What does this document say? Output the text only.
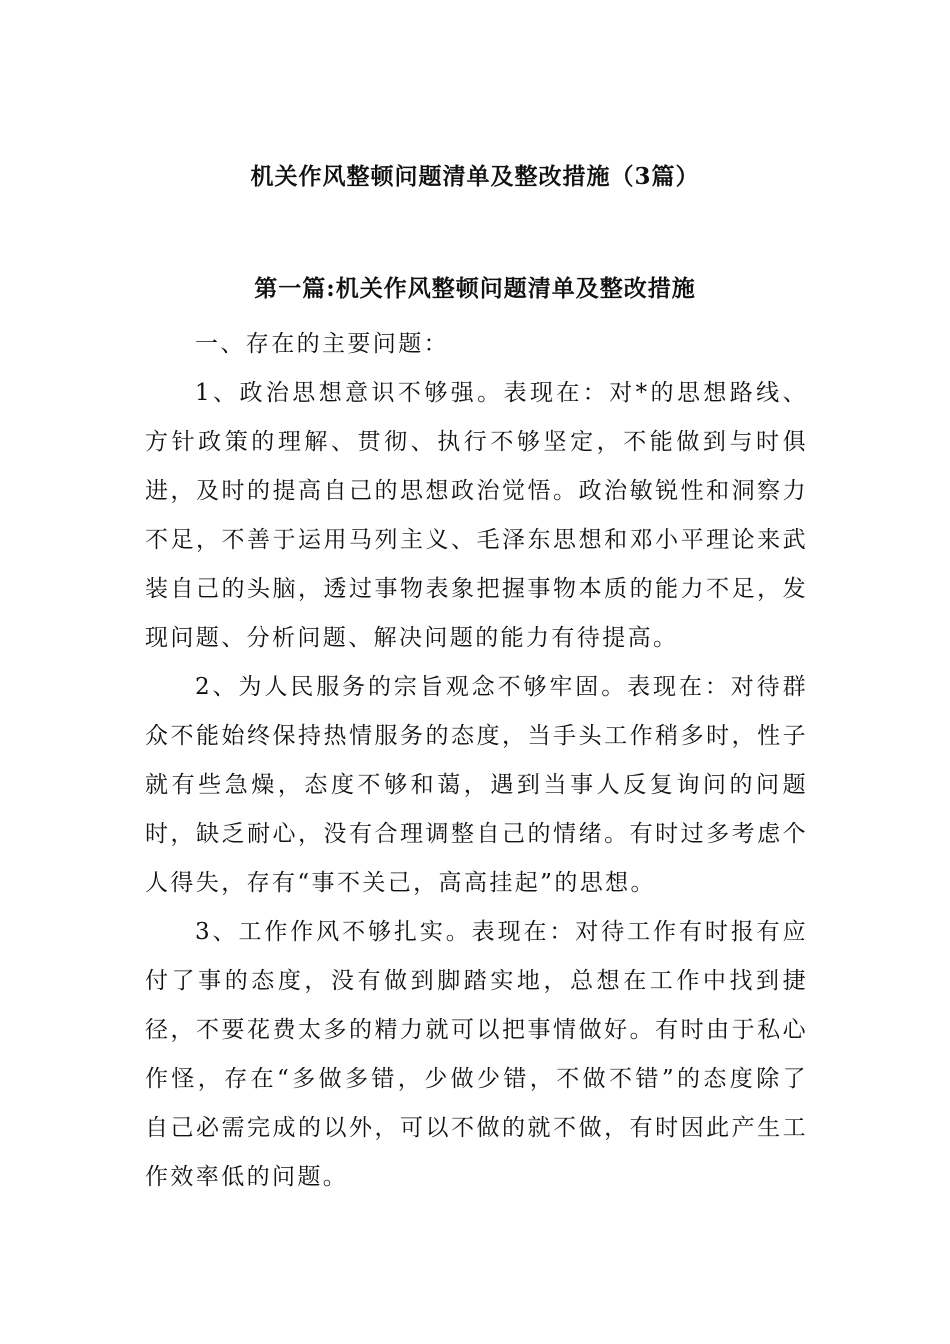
机关作风整顿问题清单及整改措施（3篇）
第一篇:机关作风整顿问题清单及整改措施

一、存在的主要问题：

1、政治思想意识不够强。表现在：对*的思想路线、方针政策的理解、贯彻、执行不够坚定，不能做到与时俱进，及时的提高自己的思想政治觉悟。政治敏锐性和洞察力不足，不善于运用马列主义、毛泽东思想和邓小平理论来武装自己的头脑，透过事物表象把握事物本质的能力不足，发现问题、分析问题、解决问题的能力有待提高。

2、为人民服务的宗旨观念不够牢固。表现在：对待群众不能始终保持热情服务的态度，当手头工作稍多时，性子就有些急燥，态度不够和蔼，遇到当事人反复询问的问题时，缺乏耐心，没有合理调整自己的情绪。有时过多考虑个人得失，存有“事不关己，高高挂起”的思想。

3、工作作风不够扎实。表现在：对待工作有时报有应付了事的态度，没有做到脚踏实地，总想在工作中找到捷径，不要花费太多的精力就可以把事情做好。有时由于私心作怪，存在“多做多错，少做少错，不做不错”的态度除了自己必需完成的以外，可以不做的就不做，有时因此产生工作效率低的问题。
